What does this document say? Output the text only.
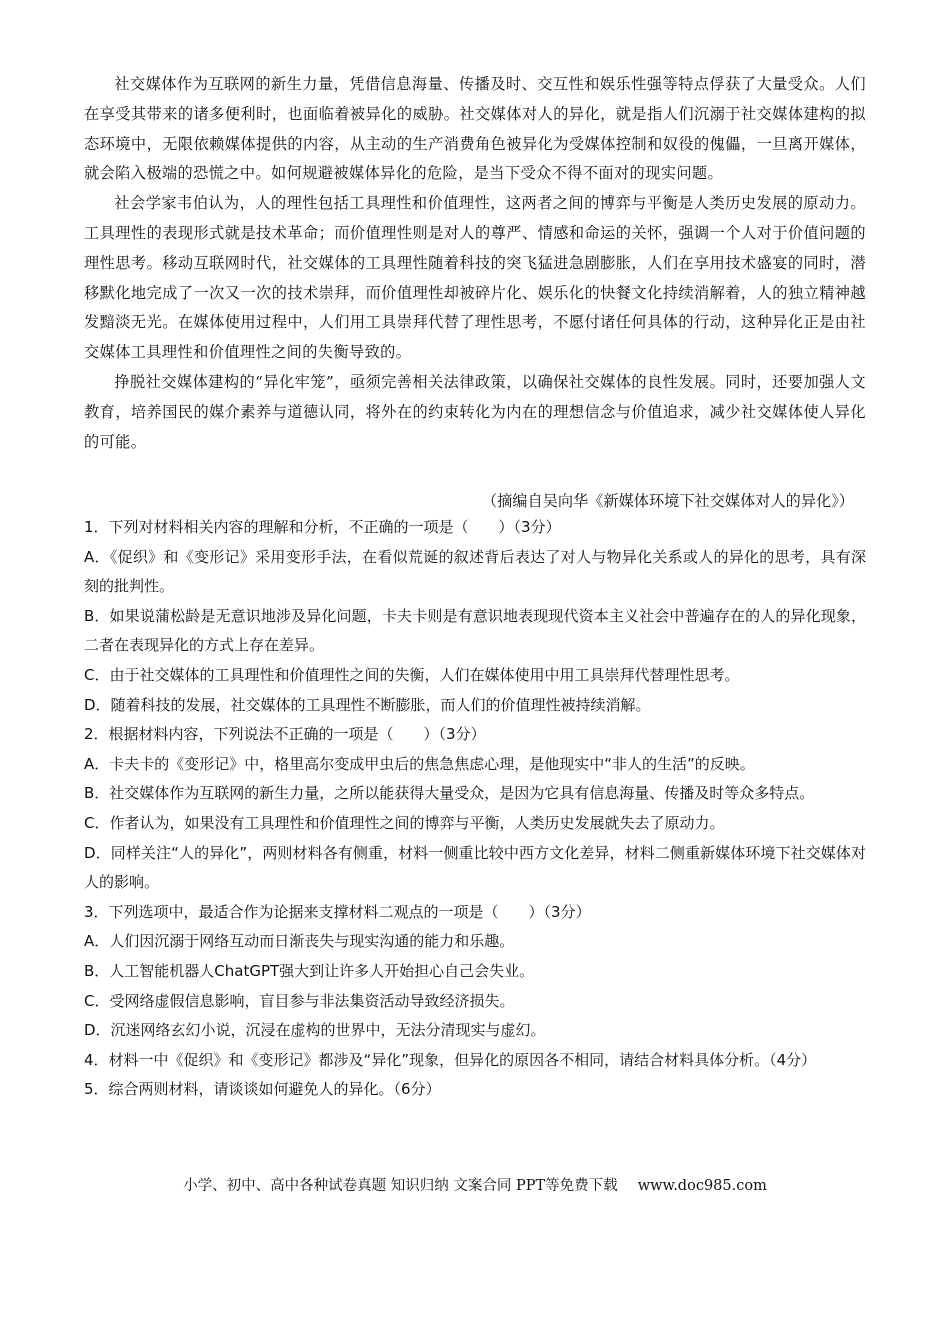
社交媒体作为互联网的新生力量，凭借信息海量、传播及时、交互性和娱乐性强等特点俘获了大量受众。人们在享受其带来的诸多便利时，也面临着被异化的威胁。社交媒体对人的异化，就是指人们沉溺于社交媒体建构的拟态环境中，无限依赖媒体提供的内容，从主动的生产消费角色被异化为受媒体控制和奴役的傀儡，一旦离开媒体，就会陷入极端的恐慌之中。如何规避被媒体异化的危险，是当下受众不得不面对的现实问题。

社会学家韦伯认为，人的理性包括工具理性和价值理性，这两者之间的博弈与平衡是人类历史发展的原动力。工具理性的表现形式就是技术革命；而价值理性则是对人的尊严、情感和命运的关怀，强调一个人对于价值问题的理性思考。移动互联网时代，社交媒体的工具理性随着科技的突飞猛进急剧膨胀，人们在享用技术盛宴的同时，潜移默化地完成了一次又一次的技术崇拜，而价值理性却被碎片化、娱乐化的快餐文化持续消解着，人的独立精神越发黯淡无光。在媒体使用过程中，人们用工具崇拜代替了理性思考，不愿付诸任何具体的行动，这种异化正是由社交媒体工具理性和价值理性之间的失衡导致的。

挣脱社交媒体建构的“异化牢笼”，亟须完善相关法律政策，以确保社交媒体的良性发展。同时，还要加强人文教育，培养国民的媒介素养与道德认同，将外在的约束转化为内在的理想信念与价值追求，减少社交媒体使人异化的可能。

（摘编自吴向华《新媒体环境下社交媒体对人的异化》）

1．下列对材料相关内容的理解和分析，不正确的一项是（　　）（3分）

A．《促织》和《变形记》采用变形手法，在看似荒诞的叙述背后表达了对人与物异化关系或人的异化的思考，具有深刻的批判性。

B．如果说蒲松龄是无意识地涉及异化问题，卡夫卡则是有意识地表现现代资本主义社会中普遍存在的人的异化现象，二者在表现异化的方式上存在差异。

C．由于社交媒体的工具理性和价值理性之间的失衡，人们在媒体使用中用工具崇拜代替理性思考。

D．随着科技的发展，社交媒体的工具理性不断膨胀，而人们的价值理性被持续消解。

2．根据材料内容，下列说法不正确的一项是（　　）（3分）

A．卡夫卡的《变形记》中，格里高尔变成甲虫后的焦急焦虑心理，是他现实中“非人的生活”的反映。

B．社交媒体作为互联网的新生力量，之所以能获得大量受众，是因为它具有信息海量、传播及时等众多特点。

C．作者认为，如果没有工具理性和价值理性之间的博弈与平衡，人类历史发展就失去了原动力。

D．同样关注“人的异化”，两则材料各有侧重，材料一侧重比较中西方文化差异，材料二侧重新媒体环境下社交媒体对人的影响。

3．下列选项中，最适合作为论据来支撑材料二观点的一项是（　　）（3分）

A．人们因沉溺于网络互动而日渐丧失与现实沟通的能力和乐趣。

B．人工智能机器人ChatGPT强大到让许多人开始担心自己会失业。

C．受网络虚假信息影响，盲目参与非法集资活动导致经济损失。

D．沉迷网络玄幻小说，沉浸在虚构的世界中，无法分清现实与虚幻。

4．材料一中《促织》和《变形记》都涉及“异化”现象，但异化的原因各不相同，请结合材料具体分析。（4分）

5．综合两则材料，请谈谈如何避免人的异化。（6分）

小学、初中、高中各种试卷真题 知识归纳 文案合同 PPT等免费下载 www.doc985.com
